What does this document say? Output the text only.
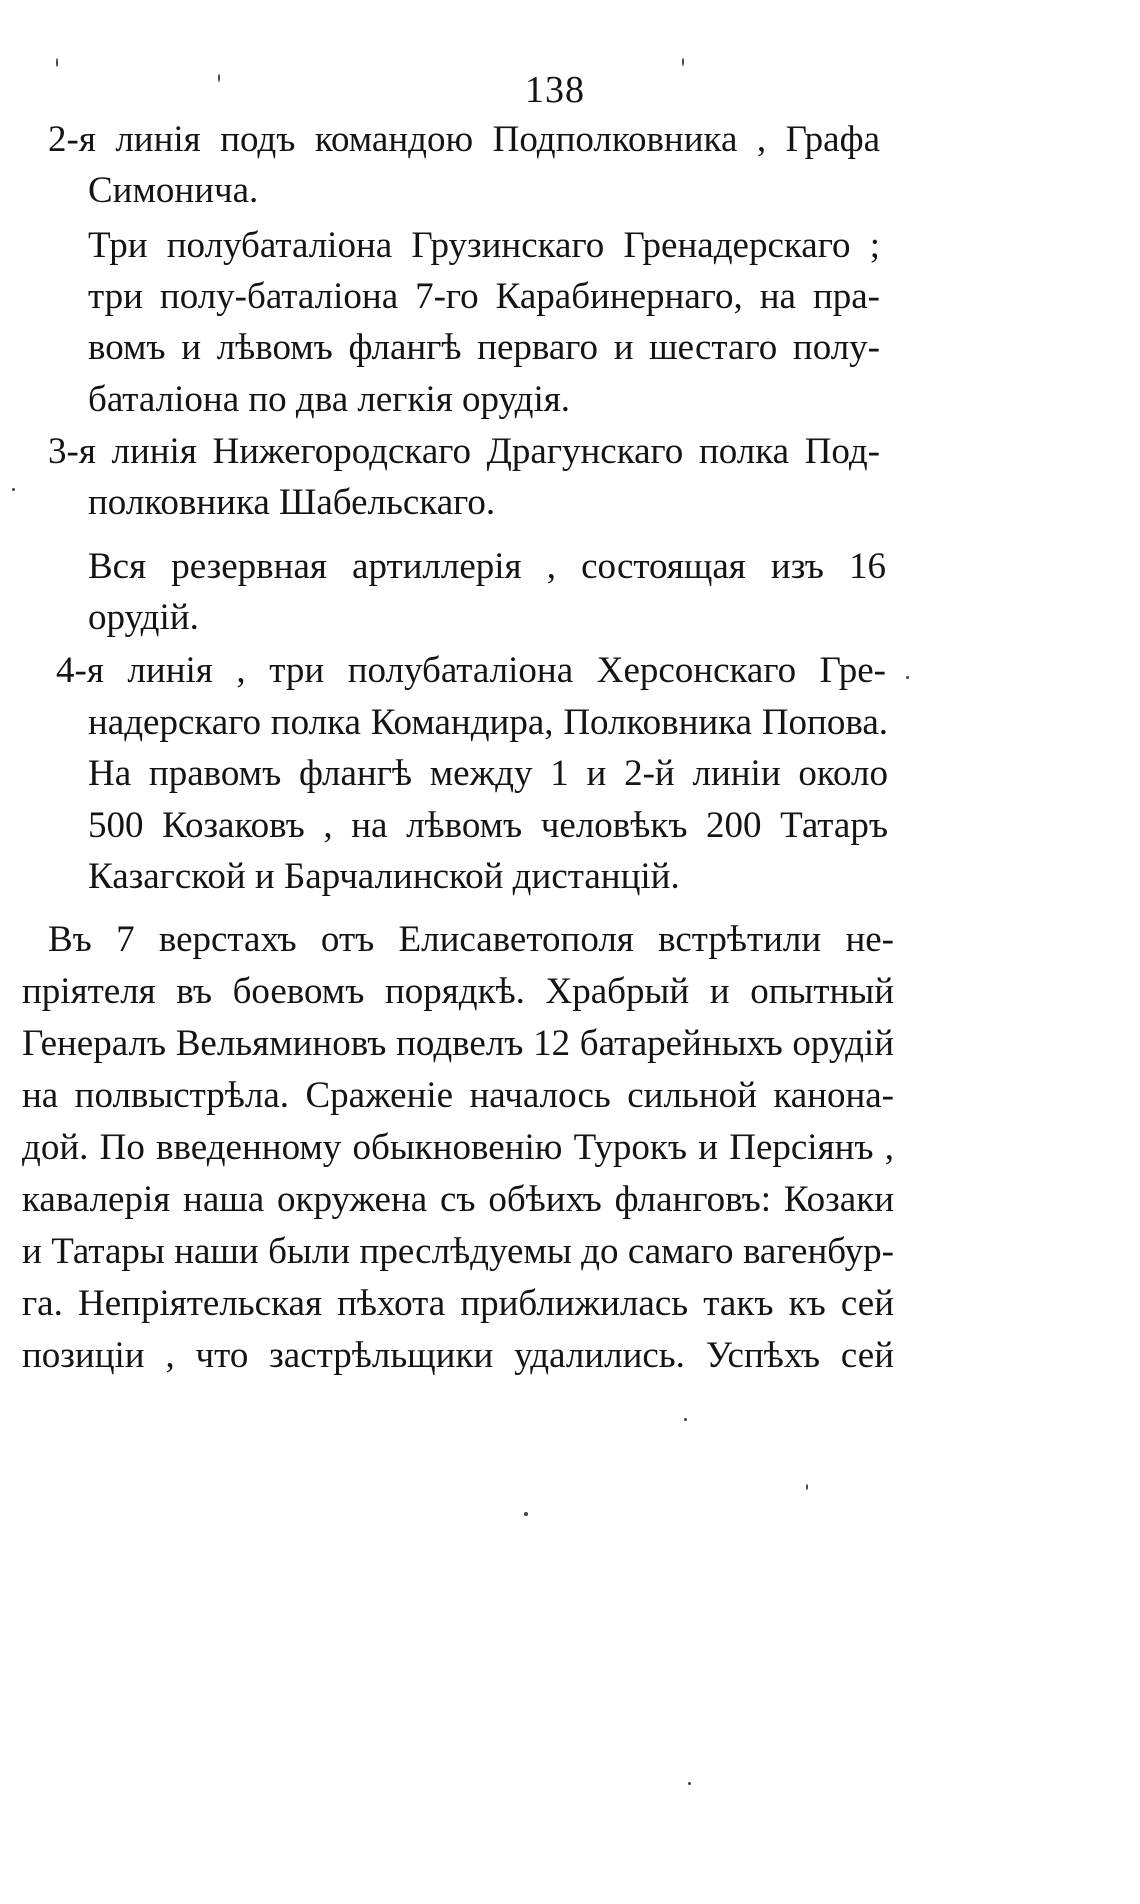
138
2-я линія подъ командою Подполковника , Графа
Симонича.
Три полубаталіона Грузинскаго Гренадерскаго ;
три полу-баталіона 7-го Карабинернаго, на пра-
вомъ и лѣвомъ флангѣ перваго и шестаго полу-
баталіона по два легкія орудія.
3-я линія Нижегородскаго Драгунскаго полка Под-
полковника Шабельскаго.
Вся резервная артиллерія , состоящая изъ 16
орудій.
4-я линія , три полубаталіона Херсонскаго Гре-
надерскаго полка Командира, Полковника Попова.
На правомъ флангѣ между 1 и 2-й линіи около
500 Козаковъ , на лѣвомъ человѣкъ 200 Татаръ
Казагской и Барчалинской дистанцій.
Въ 7 верстахъ отъ Елисаветополя встрѣтили не-
пріятеля въ боевомъ порядкѣ. Храбрый и опытный
Генералъ Вельяминовъ подвелъ 12 батарейныхъ орудій
на полвыстрѣла. Сраженіе началось сильной канона-
дой. По введенному обыкновенію Турокъ и Персіянъ ,
кавалерія наша окружена съ обѣихъ фланговъ: Козаки
и Татары наши были преслѣдуемы до самаго вагенбур-
га. Непріятельская пѣхота приближилась такъ къ сей
позиціи , что застрѣльщики удалились. Успѣхъ сей
